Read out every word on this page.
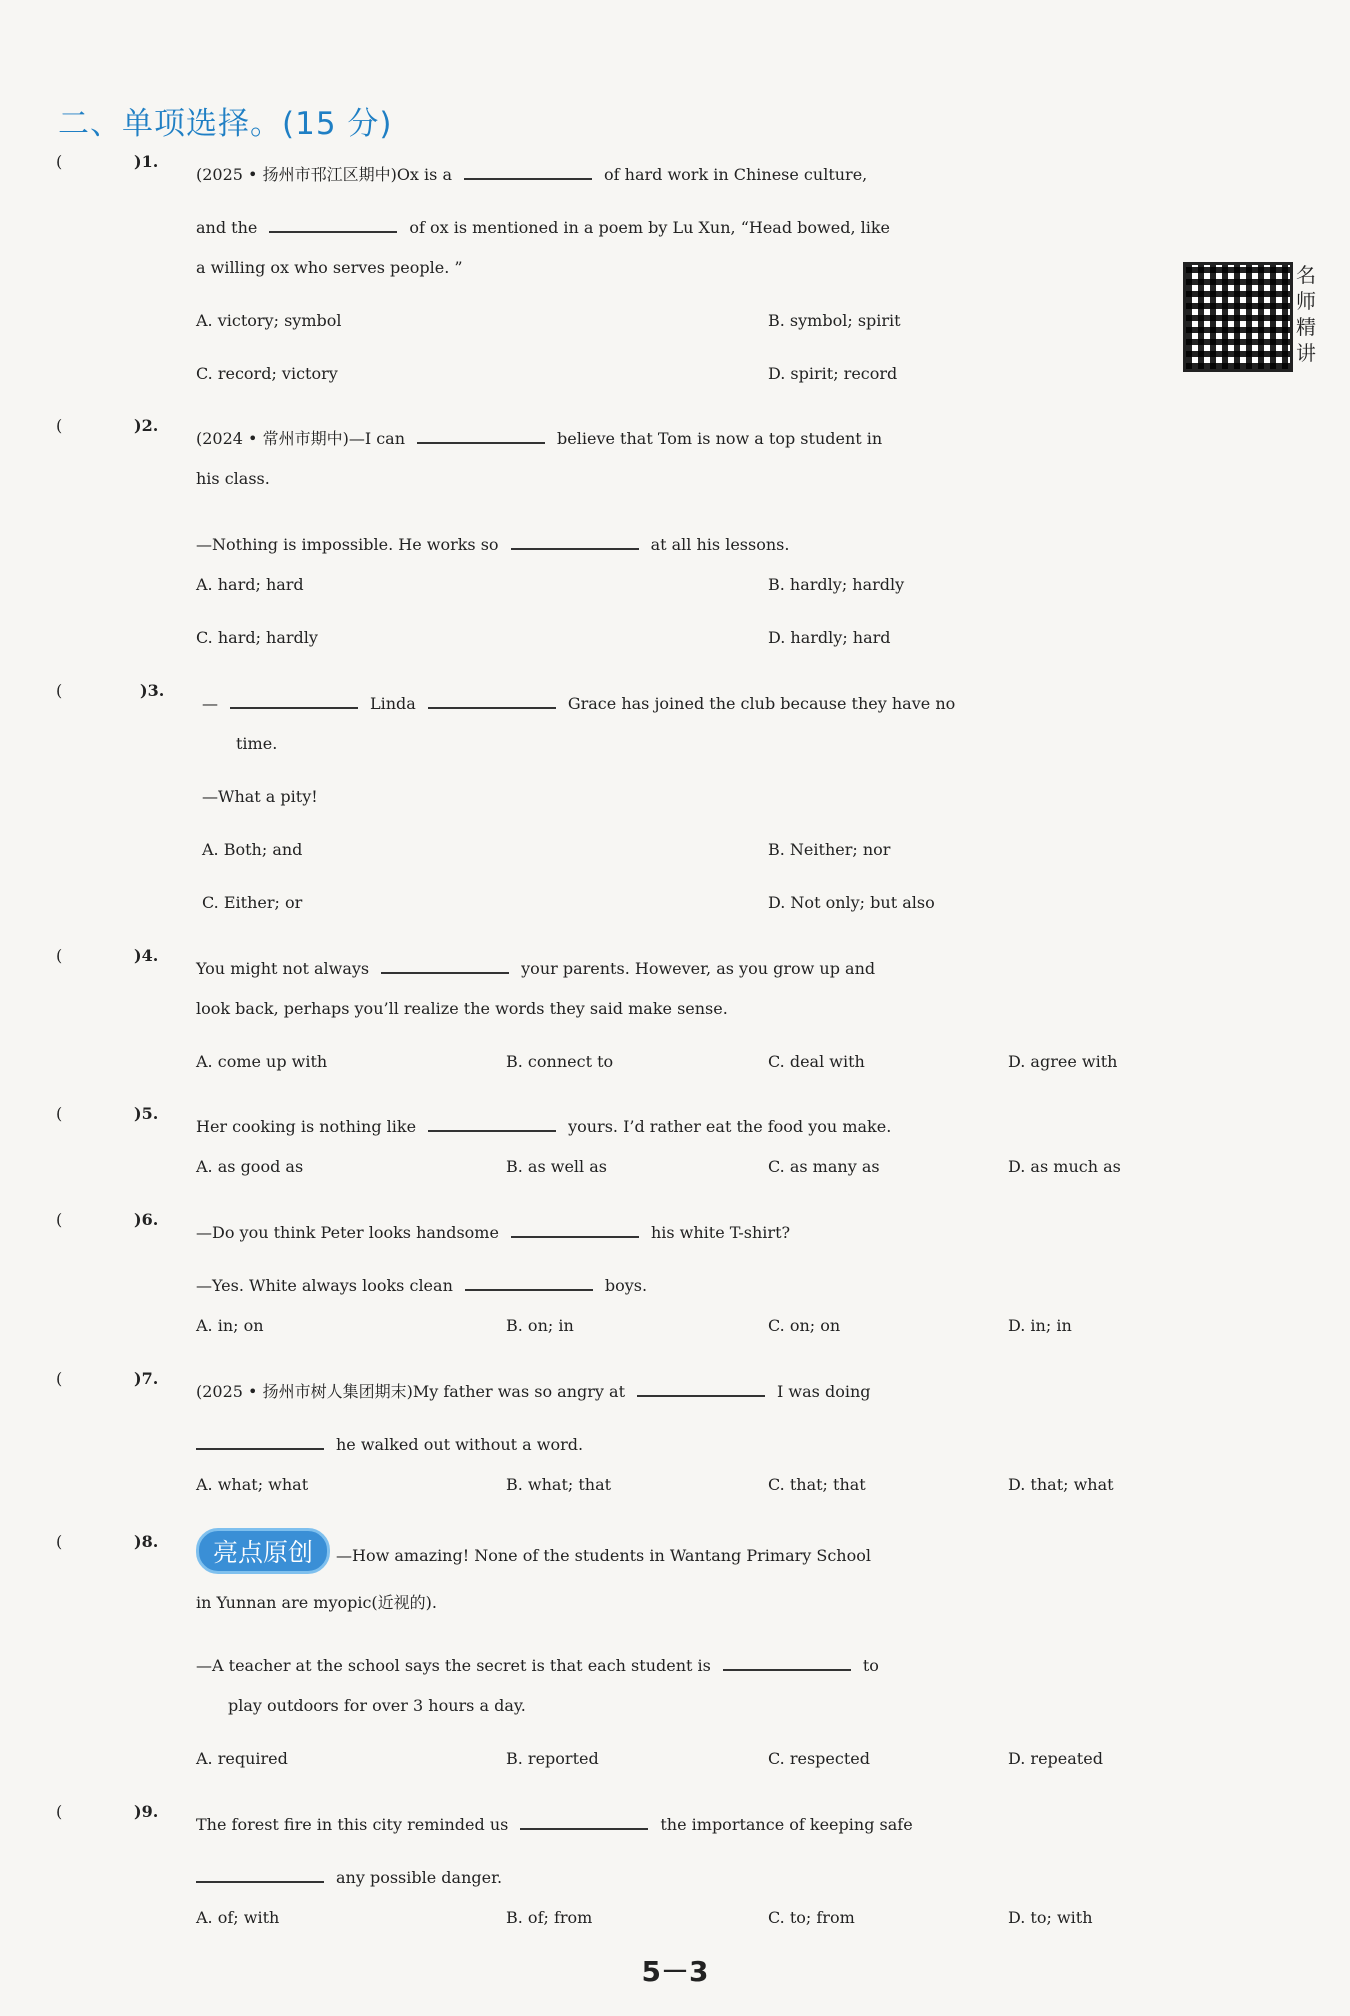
二、单项选择。(15 分)
名师精讲
(	)1.
(2025 • 扬州市邗江区期中)Ox is a	of hard work in Chinese culture,
and the	of ox is mentioned in a poem by Lu Xun, “Head bowed, like
a willing ox who serves people. ”
A. victory; symbol	B. symbol; spirit
C. record; victory	D. spirit; record
(	)2.
(2024 • 常州市期中)—I can	believe that Tom is now a top student in
his class.
—Nothing is impossible. He works so	at all his lessons.
A. hard; hard	B. hardly; hardly
C. hard; hardly	D. hardly; hard
(	)3.
—	Linda	Grace has joined the club because they have no
time.
—What a pity!
A. Both; and	B. Neither; nor
C. Either; or	D. Not only; but also
(	)4.
You might not always	your parents. However, as you grow up and
look back, perhaps you’ll realize the words they said make sense.
A. come up with	B. connect to	C. deal with	D. agree with
(	)5.
Her cooking is nothing like	yours. I’d rather eat the food you make.
A. as good as	B. as well as	C. as many as	D. as much as
(	)6.
—Do you think Peter looks handsome	his white T-shirt?
—Yes. White always looks clean	boys.
A. in; on	B. on; in	C. on; on	D. in; in
(	)7.
(2025 • 扬州市树人集团期末)My father was so angry at	I was doing
he walked out without a word.
A. what; what	B. what; that	C. that; that	D. that; what
(	)8.	亮点原创 —How amazing! None of the students in Wantang Primary School
in Yunnan are myopic(近视的).
—A teacher at the school says the secret is that each student is	to
play outdoors for over 3 hours a day.
A. required	B. reported	C. respected	D. repeated
(	)9.
The forest fire in this city reminded us	the importance of keeping safe
any possible danger.
A. of; with	B. of; from	C. to; from	D. to; with
5－3
